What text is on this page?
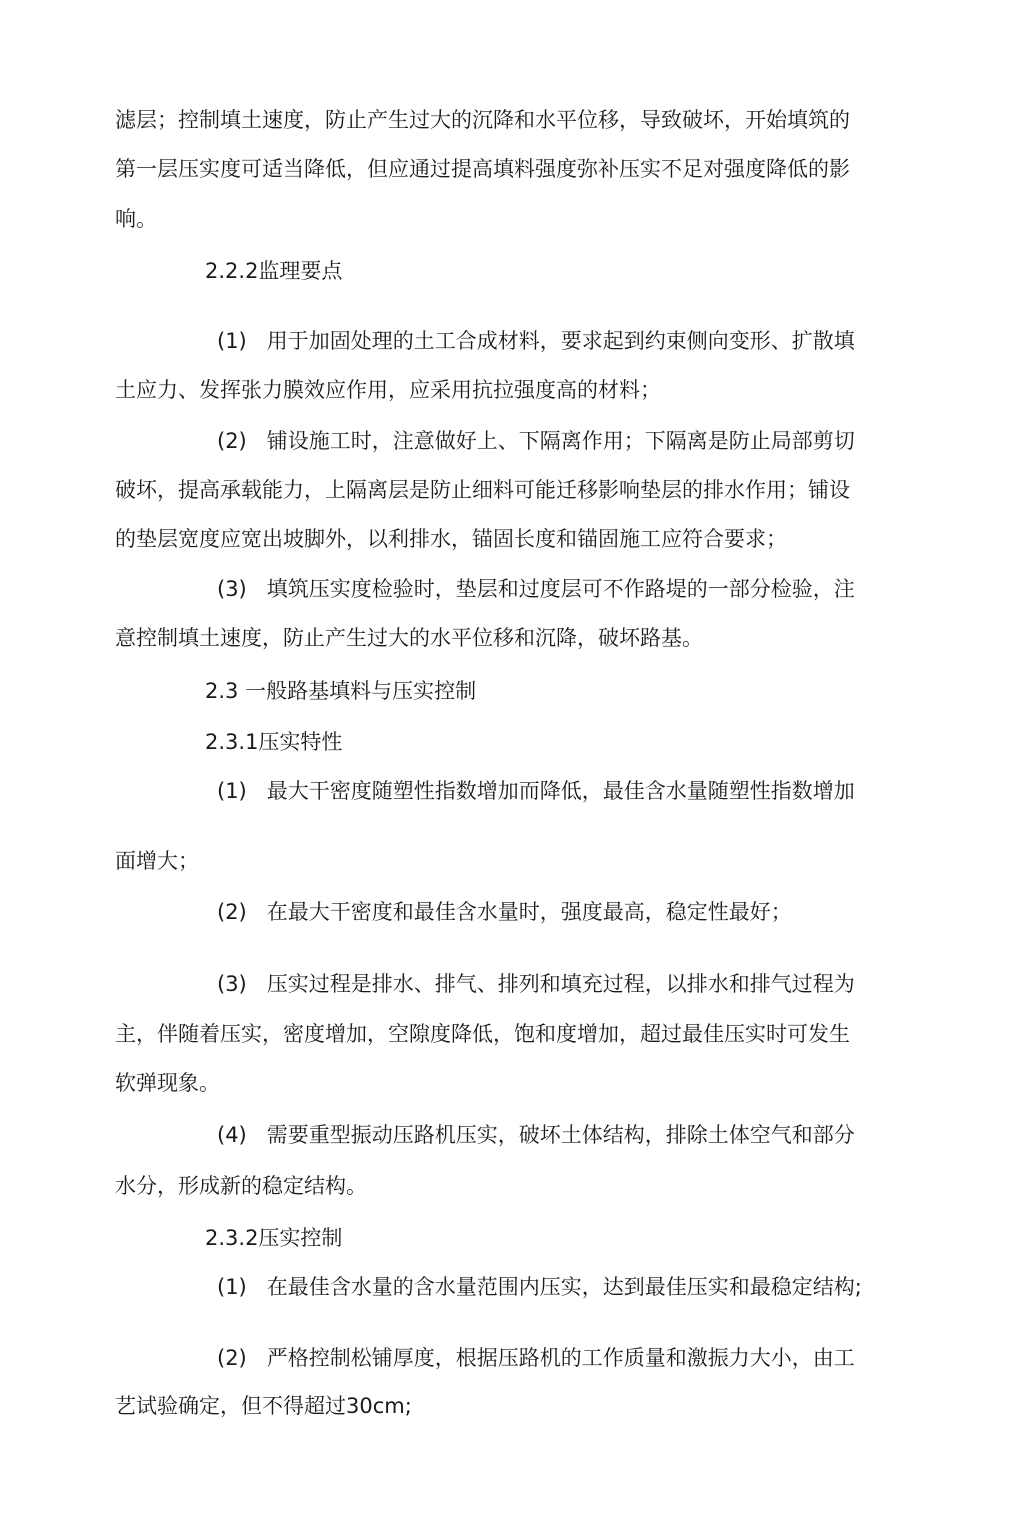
滤层；控制填土速度，防止产生过大的沉降和水平位移，导致破坏，开始填筑的
第一层压实度可适当降低，但应通过提高填料强度弥补压实不足对强度降低的影
响。
2.2.2监理要点
(1) 用于加固处理的土工合成材料，要求起到约束侧向变形、扩散填
土应力、发挥张力膜效应作用，应采用抗拉强度高的材料；
(2) 铺设施工时，注意做好上、下隔离作用；下隔离是防止局部剪切
破坏，提高承载能力，上隔离层是防止细料可能迁移影响垫层的排水作用；铺设
的垫层宽度应宽出坡脚外，以利排水，锚固长度和锚固施工应符合要求；
(3) 填筑压实度检验时，垫层和过度层可不作路堤的一部分检验，注
意控制填土速度，防止产生过大的水平位移和沉降，破坏路基。
2.3 一般路基填料与压实控制
2.3.1压实特性
(1) 最大干密度随塑性指数增加而降低，最佳含水量随塑性指数增加
面增大；
(2) 在最大干密度和最佳含水量时，强度最高，稳定性最好；
(3) 压实过程是排水、排气、排列和填充过程，以排水和排气过程为
主，伴随着压实，密度增加，空隙度降低，饱和度增加，超过最佳压实时可发生
软弹现象。
(4) 需要重型振动压路机压实，破坏土体结构，排除土体空气和部分
水分，形成新的稳定结构。
2.3.2压实控制
(1) 在最佳含水量的含水量范围内压实，达到最佳压实和最稳定结构;
(2) 严格控制松铺厚度，根据压路机的工作质量和激振力大小，由工
艺试验确定，但不得超过30cm;
